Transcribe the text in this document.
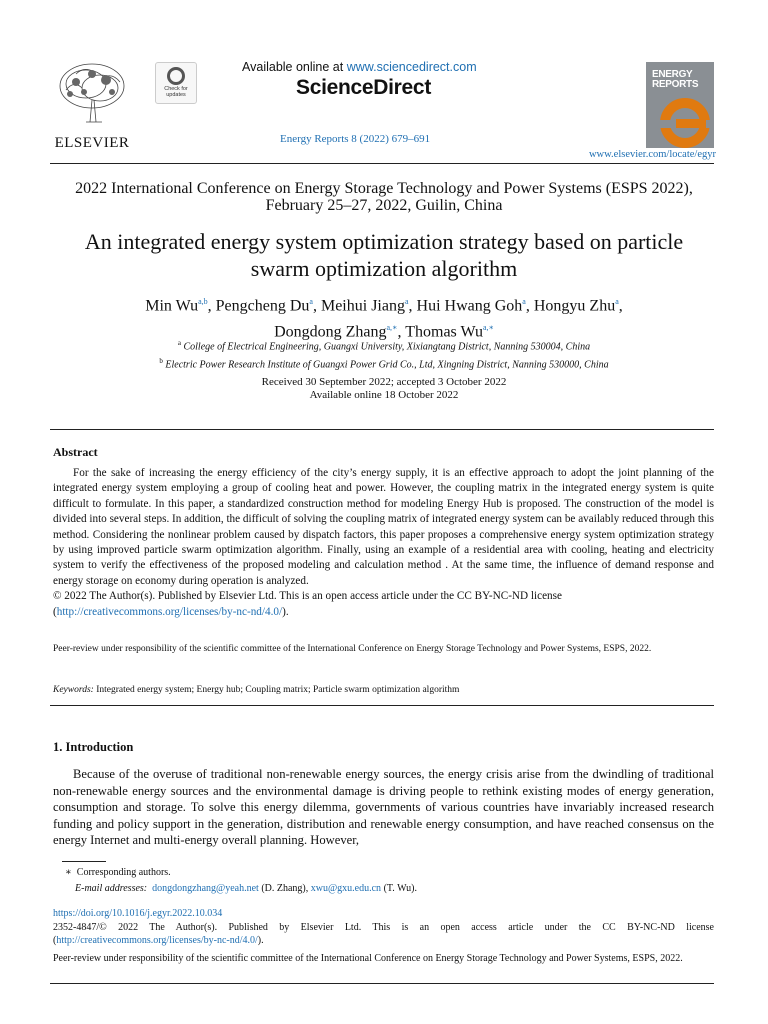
ELSEVIER
Check for updates
Available online at www.sciencedirect.com
ScienceDirect
Energy Reports 8 (2022) 679–691
ENERGY REPORTS
www.elsevier.com/locate/egyr
2022 International Conference on Energy Storage Technology and Power Systems (ESPS 2022),
February 25–27, 2022, Guilin, China
An integrated energy system optimization strategy based on particle
swarm optimization algorithm
Min Wu$^{a,b}$, Pengcheng Du$^a$, Meihui Jiang$^a$, Hui Hwang Goh$^a$, Hongyu Zhu$^a$,
Dongdong Zhang$^{a,∗}$, Thomas $Wu^{a,∗}$
$^a$ College of Electrical Engineering, Guangxi University, Xixiangtang District, Nanning 530004, China
$^b$ Electric Power Research Institute of Guangxi Power Grid Co., Ltd, Xingning District, Nanning 530000, China
Received 30 September 2022; accepted 3 October 2022
Available online 18 October 2022
Abstract

For the sake of increasing the energy efficiency of the city’s energy supply, it is an effective approach to adopt the joint planning of the integrated energy system employing a group of cooling heat and power. However, the coupling matrix in the integrated energy system is quite difficult to formulate. In this paper, a standardized construction method for modeling Energy Hub is proposed. The construction of the model is divided into several steps. In addition, the difficult of solving the coupling matrix of integrated energy system can be availably reduced through this method. Considering the nonlinear problem caused by dispatch factors, this paper proposes a comprehensive energy system optimization strategy by using improved particle swarm optimization algorithm. Finally, using an example of a residential area with cooling, heating and electricity system to verify the effectiveness of the proposed modeling and calculation method . At the same time, the influence of demand response and energy storage on economy during operation is analyzed.

© 2022 The Author(s). Published by Elsevier Ltd. This is an open access article under the CC BY-NC-ND license
(http://creativecommons.org/licenses/by-nc-nd/4.0/).
Peer-review under responsibility of the scientific committee of the International Conference on Energy Storage Technology and Power Systems, ESPS, 2022.
Keywords: Integrated energy system; Energy hub; Coupling matrix; Particle swarm optimization algorithm
1. Introduction

Because of the overuse of traditional non-renewable energy sources, the energy crisis arise from the dwindling of traditional non-renewable energy sources and the environmental damage is driving people to rethink existing modes of energy generation, consumption and storage. To solve this energy dilemma, governments of various countries have invariably increased research funding and policy support in the generation, distribution and renewable energy consumption, and have reached consensus on the energy Internet and multi-energy overall planning. However,

∗ Corresponding authors.
E-mail addresses: dongdongzhang@yeah.net (D. Zhang), xwu@gxu.edu.cn (T. Wu).
https://doi.org/10.1016/j.egyr.2022.10.034
2352-4847/© 2022 The Author(s). Published by Elsevier Ltd. This is an open access article under the CC BY-NC-ND license (http://creativecommons.org/licenses/by-nc-nd/4.0/).
Peer-review under responsibility of the scientific committee of the International Conference on Energy Storage Technology and Power Systems, ESPS, 2022.
